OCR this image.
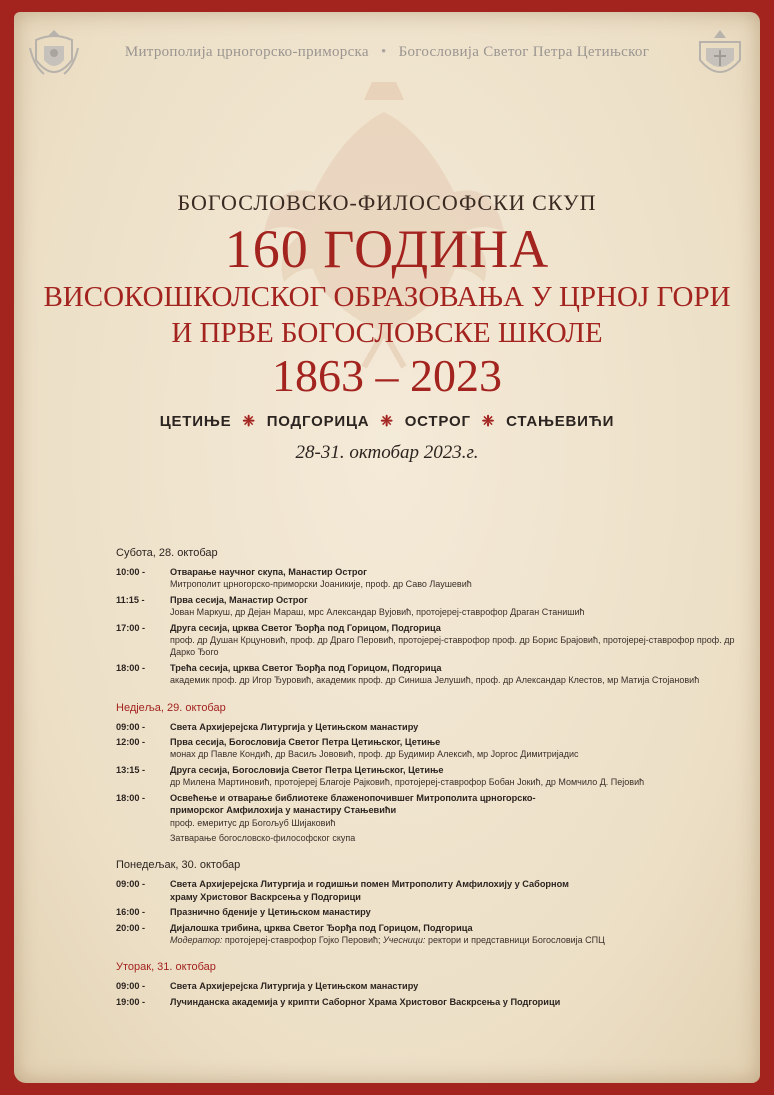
Митрополија црногорско-приморска • Богословија Светог Петра Цетињског
БОГОСЛОВСКО-ФИЛОСОФСКИ СКУП
160 ГОДИНА
ВИСОКОШКОЛСКОГ ОБРАЗОВАЊА У ЦРНОЈ ГОРИ
И ПРВЕ БОГОСЛОВСКЕ ШКОЛЕ
1863 – 2023
ЦЕТИЊЕ ❈ ПОДГОРИЦА ❈ ОСТРОГ ❈ СТАЊЕВИЋИ
28-31. октобар 2023.г.
Субота, 28. октобар
10:00 -	Отварање научног скупа, Манастир Острог
Митрополит црногорско-приморски Јоаникије, проф. др Саво Лаушевић
11:15 -	Прва сесија, Манастир Острог
Јован Маркуш, др Дејан Мараш, мрс Александар Вујовић, протојереј-ставрофор Драган Станишић
17:00 -	Друга сесија, црква Светог Ђорђа под Горицом, Подгорица
проф. др Душан Крцуновић, проф. др Драго Перовић, протојереј-ставрофор проф. др Борис Брајовић, протојереј-ставрофор проф. др Дарко Ђого
18:00 -	Трећа сесија, црква Светог Ђорђа под Горицом, Подгорица
академик проф. др Игор Ђуровић, академик проф. др Синиша Јелушић, проф. др Александар Клестов, мр Матија Стојановић
Недјеља, 29. октобар
09:00 -	Света Архијерејска Литургија у Цетињском манастиру
12:00 -	Прва сесија, Богословија Светог Петра Цетињског, Цетиње
монах др Павле Кондић, др Васиљ Јововић, проф. др Будимир Алексић, мр Јоргос Димитријадис
13:15 -	Друга сесија, Богословија Светог Петра Цетињског, Цетиње
др Милена Мартиновић, протојереј Благоје Рајковић, протојереј-ставрофор Бобан Јокић, др Момчило Д. Пејовић
18:00 -	Освећење и отварање библиотеке блаженопочившег Митрополита црногорско-приморског Амфилохија у манастиру Стањевићи
проф. емеритус др Богољуб Шијаковић
Затварање богословско-философског скупа
Понедељак, 30. октобар
09:00 -	Света Архијерејска Литургија и годишњи помен Митрополиту Амфилохију у Саборном храму Христовог Васкрсења у Подгорици
16:00 -	Празнично бденије у Цетињском манастиру
20:00 -	Дијалошка трибина, црква Светог Ђорђа под Горицом, Подгорица
Модератор: протојереј-ставрофор Гојко Перовић; Учесници: ректори и представници Богословија СПЦ
Уторак, 31. октобар
09:00 -	Света Архијерејска Литургија у Цетињском манастиру
19:00 -	Лучинданска академија у крипти Саборног Храма Христовог Васкрсења у Подгорици
